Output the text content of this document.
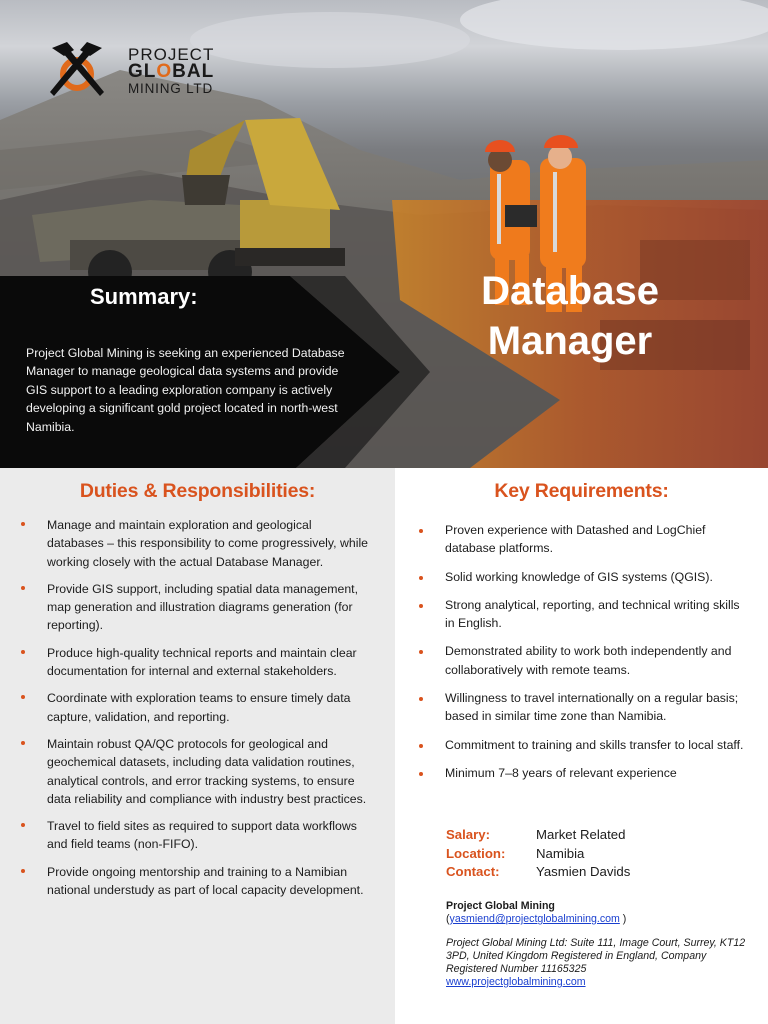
PROJECT
GLOBAL
MINING LTD
Summary:

Project Global Mining is seeking an experienced Database Manager to manage geological data systems and provide GIS support to a leading exploration company is actively developing a significant gold project located in north-west Namibia.

Database
Manager
Duties & Responsibilities:
Manage and maintain exploration and geological databases – this responsibility to come progressively, while working closely with the actual Database Manager.
Provide GIS support, including spatial data management, map generation and illustration diagrams generation (for reporting).
Produce high-quality technical reports and maintain clear documentation for internal and external stakeholders.
Coordinate with exploration teams to ensure timely data capture, validation, and reporting.
Maintain robust QA/QC protocols for geological and geochemical datasets, including data validation routines, analytical controls, and error tracking systems, to ensure data reliability and compliance with industry best practices.
Travel to field sites as required to support data workflows and field teams (non-FIFO).
Provide ongoing mentorship and training to a Namibian national understudy as part of local capacity development.
Key Requirements:
Proven experience with Datashed and LogChief database platforms.
Solid working knowledge of GIS systems (QGIS).
Strong analytical, reporting, and technical writing skills in English.
Demonstrated ability to work both independently and collaboratively with remote teams.
Willingness to travel internationally on a regular basis; based in similar time zone than Namibia.
Commitment to training and skills transfer to local staff.
Minimum 7–8 years of relevant experience
Salary:	Market Related
Location:	Namibia
Contact:	Yasmien Davids
Project Global Mining
(yasmiend@projectglobalmining.com )
Project Global Mining Ltd: Suite 111, Image Court, Surrey, KT12 3PD, United Kingdom Registered in England, Company Registered Number 11165325
www.projectglobalmining.com
